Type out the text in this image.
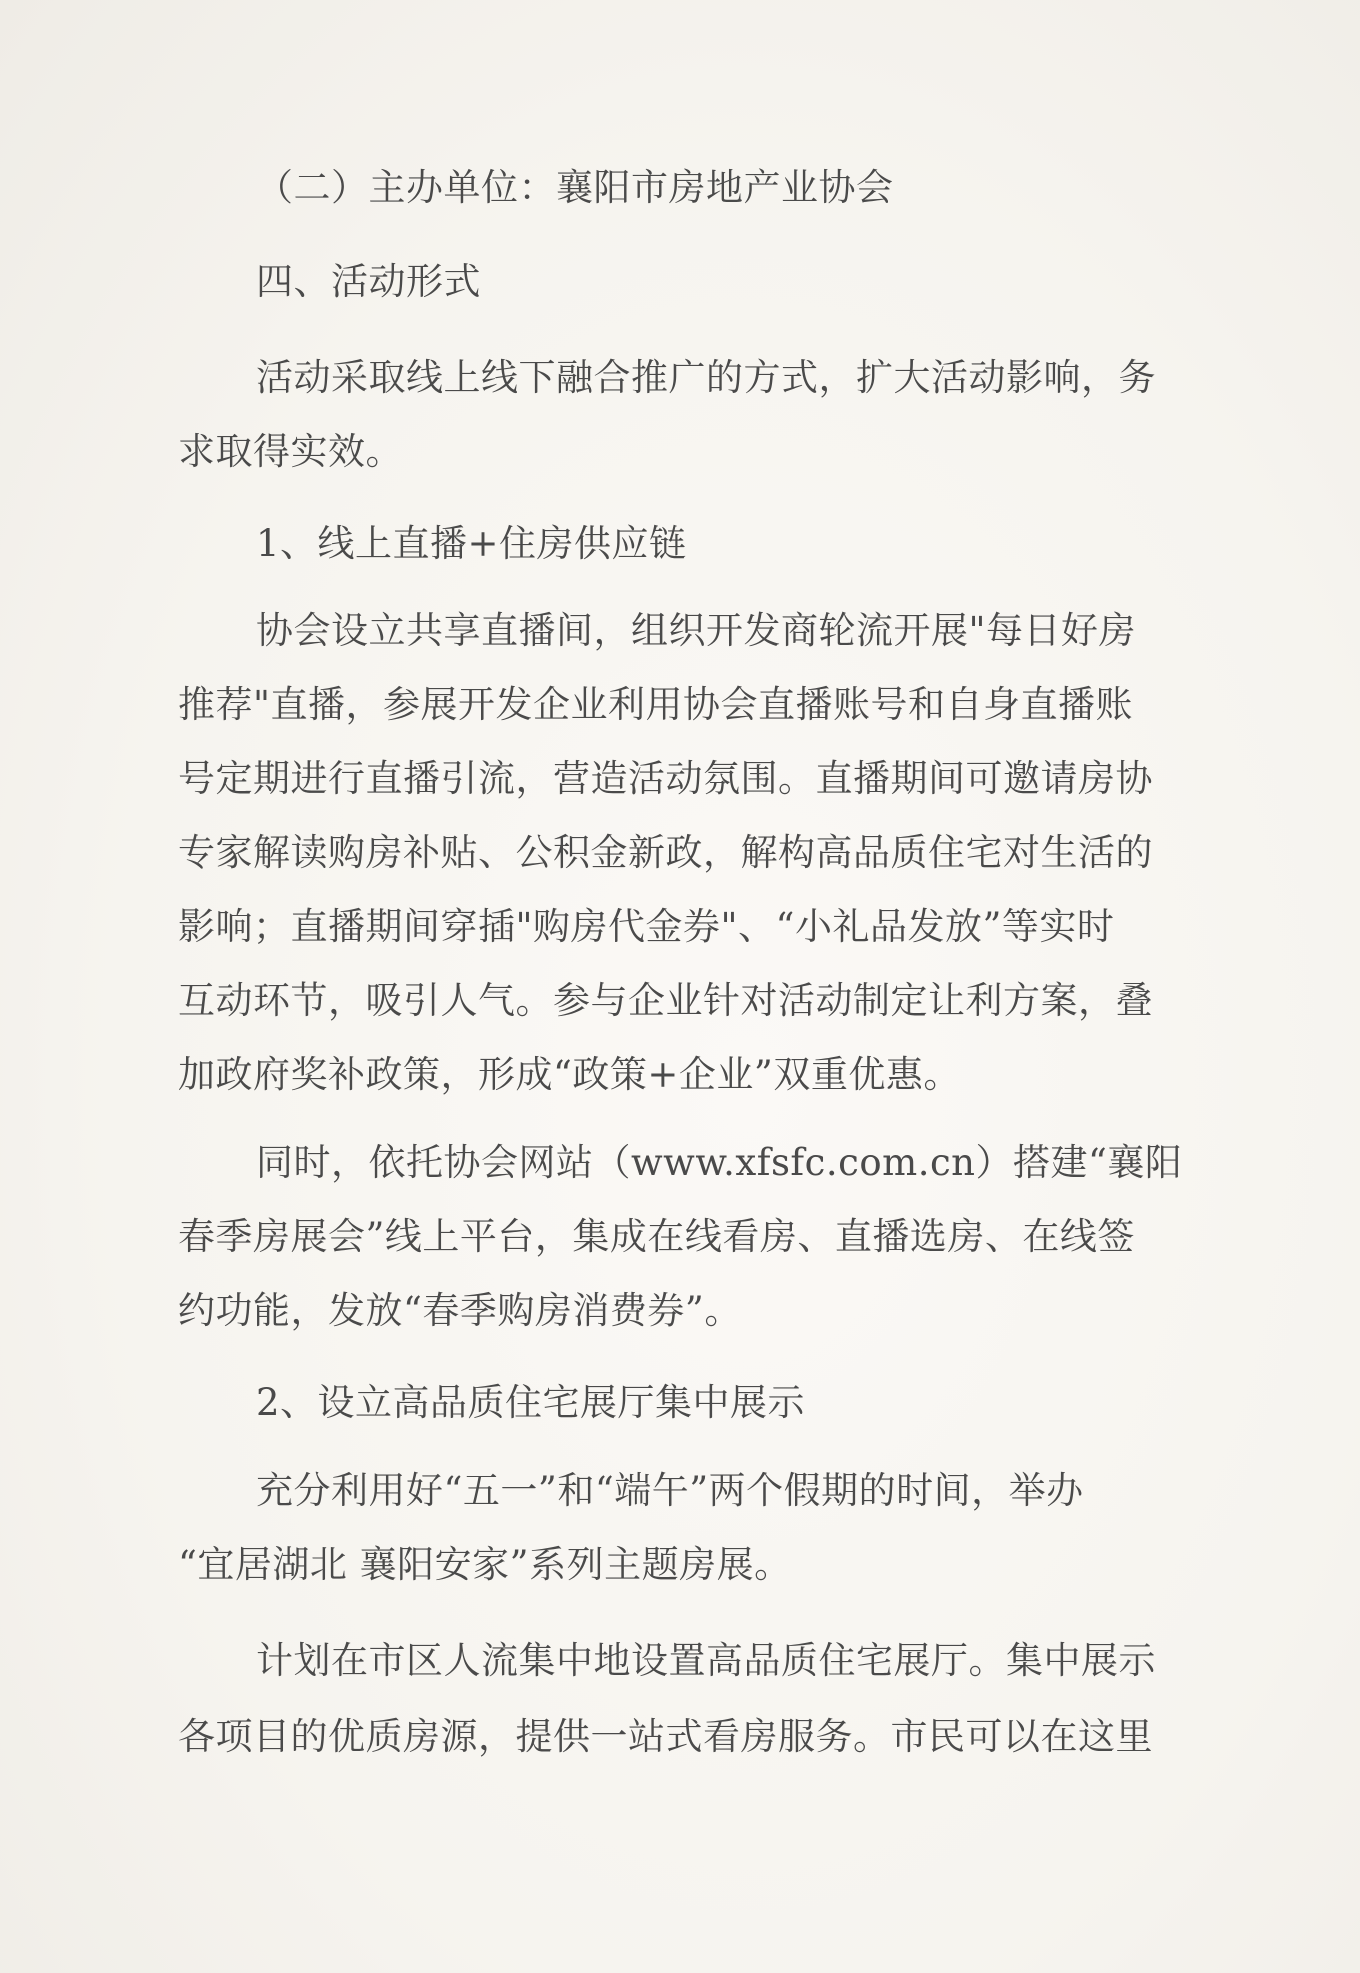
（二）主办单位：襄阳市房地产业协会
四、活动形式
活动采取线上线下融合推广的方式，扩大活动影响，务
求取得实效。
1、线上直播+住房供应链
协会设立共享直播间，组织开发商轮流开展"每日好房
推荐"直播，参展开发企业利用协会直播账号和自身直播账
号定期进行直播引流，营造活动氛围。直播期间可邀请房协
专家解读购房补贴、公积金新政，解构高品质住宅对生活的
影响；直播期间穿插"购房代金券"、“小礼品发放”等实时
互动环节，吸引人气。参与企业针对活动制定让利方案，叠
加政府奖补政策，形成“政策+企业”双重优惠。
同时，依托协会网站（www.xfsfc.com.cn）搭建“襄阳
春季房展会”线上平台，集成在线看房、直播选房、在线签
约功能，发放“春季购房消费券”。
2、设立高品质住宅展厅集中展示
充分利用好“五一”和“端午”两个假期的时间，举办
“宜居湖北 襄阳安家”系列主题房展。
计划在市区人流集中地设置高品质住宅展厅。集中展示
各项目的优质房源，提供一站式看房服务。市民可以在这里
